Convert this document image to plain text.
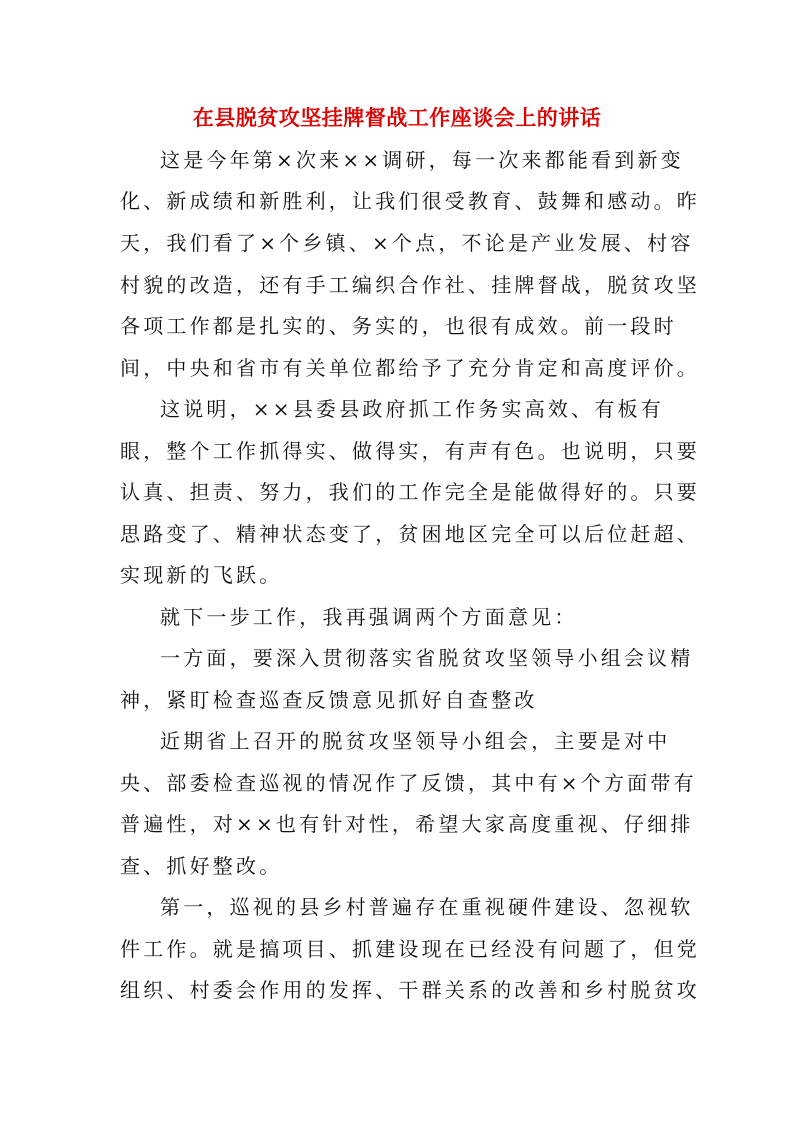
在县脱贫攻坚挂牌督战工作座谈会上的讲话
这是今年第×次来××调研，每一次来都能看到新变
化、新成绩和新胜利，让我们很受教育、鼓舞和感动。昨
天，我们看了×个乡镇、×个点，不论是产业发展、村容
村貌的改造，还有手工编织合作社、挂牌督战，脱贫攻坚
各项工作都是扎实的、务实的，也很有成效。前一段时
间，中央和省市有关单位都给予了充分肯定和高度评价。
这说明，××县委县政府抓工作务实高效、有板有
眼，整个工作抓得实、做得实，有声有色。也说明，只要
认真、担责、努力，我们的工作完全是能做得好的。只要
思路变了、精神状态变了，贫困地区完全可以后位赶超、
实现新的飞跃。
就下一步工作，我再强调两个方面意见：
一方面，要深入贯彻落实省脱贫攻坚领导小组会议精
神，紧盯检查巡查反馈意见抓好自查整改
近期省上召开的脱贫攻坚领导小组会，主要是对中
央、部委检查巡视的情况作了反馈，其中有×个方面带有
普遍性，对××也有针对性，希望大家高度重视、仔细排
查、抓好整改。
第一，巡视的县乡村普遍存在重视硬件建设、忽视软
件工作。就是搞项目、抓建设现在已经没有问题了，但党
组织、村委会作用的发挥、干群关系的改善和乡村脱贫攻
